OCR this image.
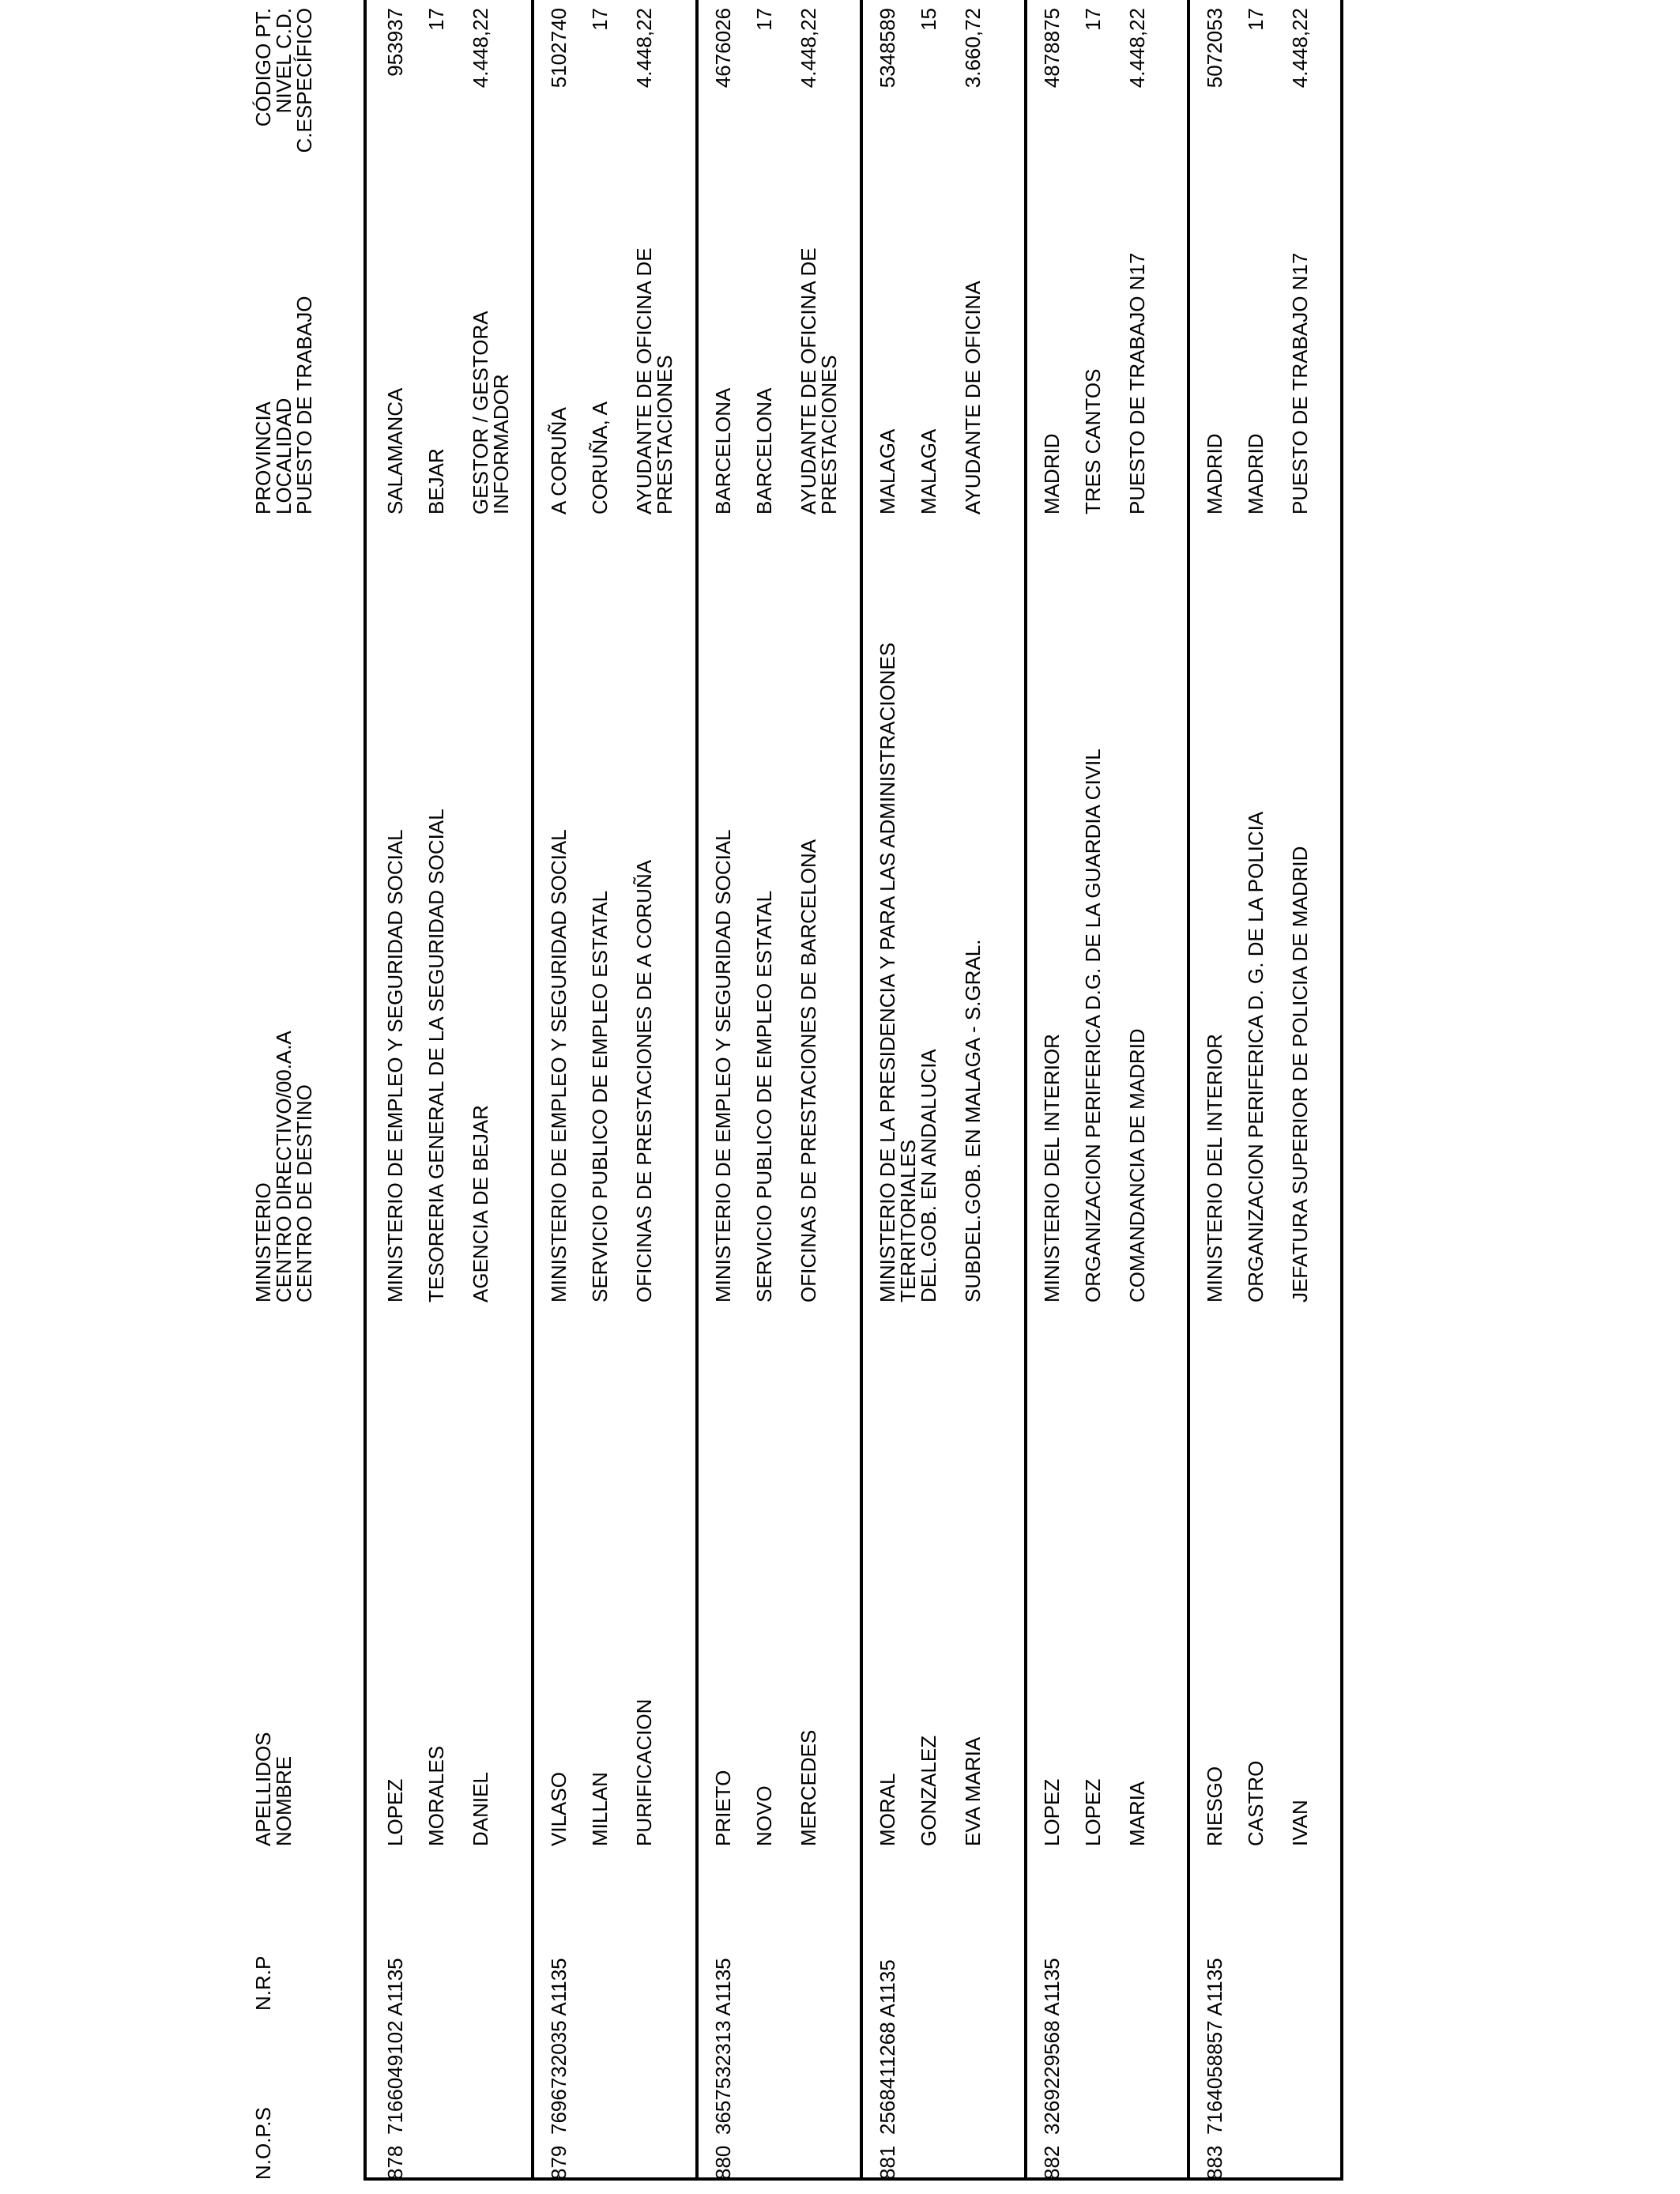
N.O.P.S
N.R.P
APELLIDOS
NOMBRE
MINISTERIO
CENTRO DIRECTIVO/00.A.A
CENTRO DE DESTINO
PROVINCIA
LOCALIDAD
PUESTO DE TRABAJO
CÓDIGO PT.
NIVEL C.D.
C.ESPECÍFICO
878
7166049102 A1135
LOPEZ MORALES DANIEL
MINISTERIO DE EMPLEO Y SEGURIDAD SOCIAL TESORERIA GENERAL DE LA SEGURIDAD SOCIAL AGENCIA DE BEJAR
SALAMANCA BEJAR GESTOR / GESTORA
INFORMADOR
953937 17 4.448,22
879
7696732035 A1135
VILASO MILLAN PURIFICACION
MINISTERIO DE EMPLEO Y SEGURIDAD SOCIAL SERVICIO PUBLICO DE EMPLEO ESTATAL OFICINAS DE PRESTACIONES DE A CORUÑA
A CORUÑA CORUÑA, A AYUDANTE DE OFICINA DE
PRESTACIONES
5102740 17 4.448,22
880
3657532313 A1135
PRIETO NOVO MERCEDES
MINISTERIO DE EMPLEO Y SEGURIDAD SOCIAL SERVICIO PUBLICO DE EMPLEO ESTATAL OFICINAS DE PRESTACIONES DE BARCELONA
BARCELONA BARCELONA AYUDANTE DE OFICINA DE
PRESTACIONES
4676026 17 4.448,22
881
2568411268 A1135
MORAL GONZALEZ EVA MARIA
MINISTERIO DE LA PRESIDENCIA Y PARA LAS ADMINISTRACIONES
TERRITORIALES
DEL.GOB. EN ANDALUCIA SUBDEL.GOB. EN MALAGA - S.GRAL.
MALAGA MALAGA AYUDANTE DE OFICINA
5348589 15 3.660,72
882
3269229568 A1135
LOPEZ LOPEZ MARIA
MINISTERIO DEL INTERIOR ORGANIZACION PERIFERICA D.G. DE LA GUARDIA CIVIL COMANDANCIA DE MADRID
MADRID TRES CANTOS PUESTO DE TRABAJO N17
4878875 17 4.448,22
883
7164058857 A1135
RIESGO CASTRO IVAN
MINISTERIO DEL INTERIOR ORGANIZACION PERIFERICA D. G. DE LA POLICIA JEFATURA SUPERIOR DE POLICIA DE MADRID
MADRID MADRID PUESTO DE TRABAJO N17
5072053 17 4.448,22
